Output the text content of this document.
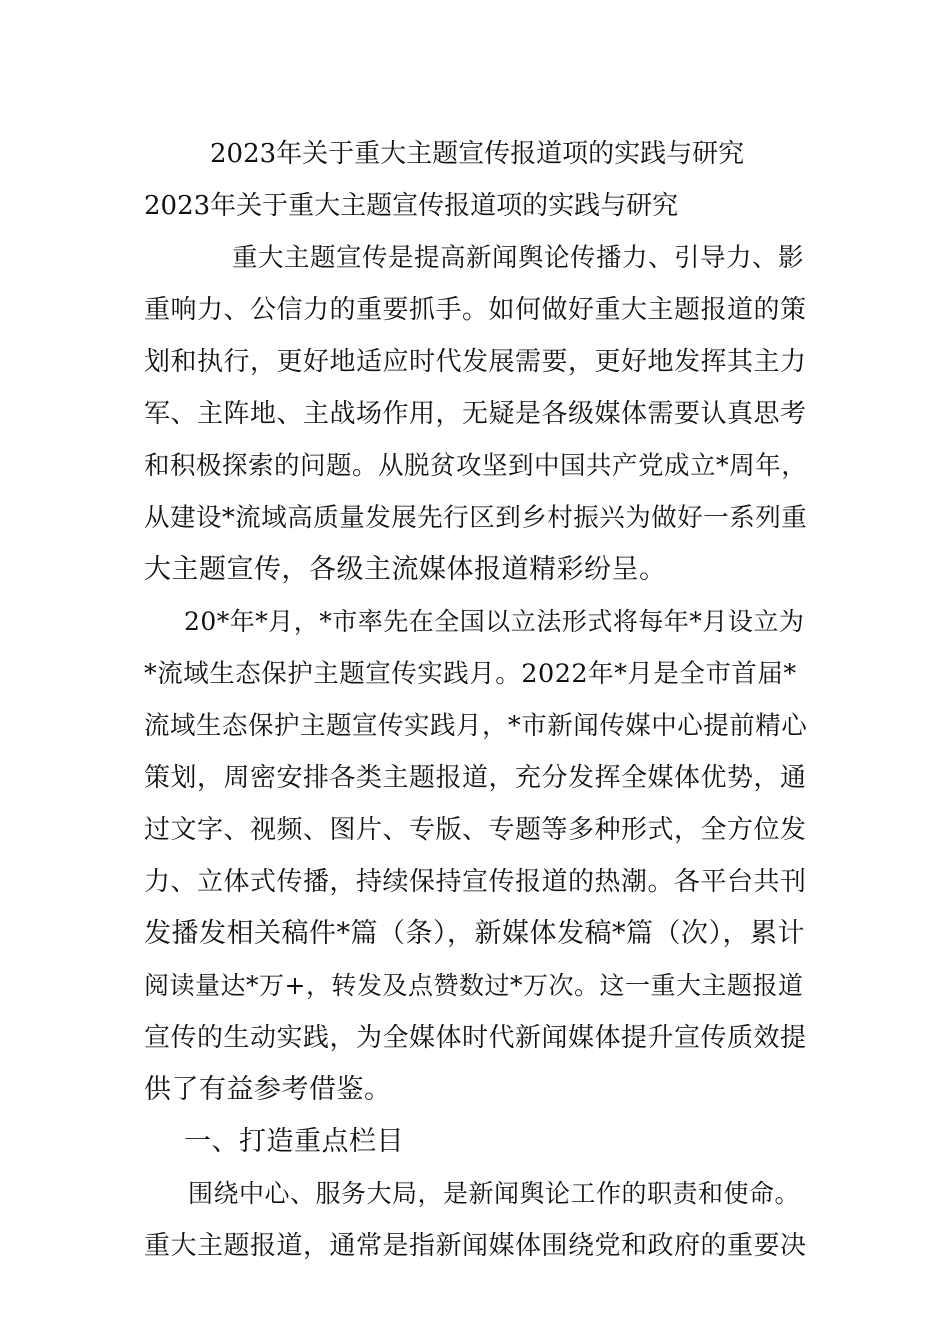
2023年关于重大主题宣传报道项的实践与研究
2023年关于重大主题宣传报道项的实践与研究
重大主题宣传是提高新闻舆论传播力、引导力、影
重响力、公信力的重要抓手。如何做好重大主题报道的策
划和执行，更好地适应时代发展需要，更好地发挥其主力
军、主阵地、主战场作用，无疑是各级媒体需要认真思考
和积极探索的问题。从脱贫攻坚到中国共产党成立*周年，
从建设*流域高质量发展先行区到乡村振兴为做好一系列重
大主题宣传，各级主流媒体报道精彩纷呈。
20*年*月，*市率先在全国以立法形式将每年*月设立为
*流域生态保护主题宣传实践月。2022年*月是全市首届*
流域生态保护主题宣传实践月，*市新闻传媒中心提前精心
策划，周密安排各类主题报道，充分发挥全媒体优势，通
过文字、视频、图片、专版、专题等多种形式，全方位发
力、立体式传播，持续保持宣传报道的热潮。各平台共刊
发播发相关稿件*篇（条），新媒体发稿*篇（次），累计
阅读量达*万+，转发及点赞数过*万次。这一重大主题报道
宣传的生动实践，为全媒体时代新闻媒体提升宣传质效提
供了有益参考借鉴。
一、打造重点栏目
围绕中心、服务大局，是新闻舆论工作的职责和使命。
重大主题报道，通常是指新闻媒体围绕党和政府的重要决
